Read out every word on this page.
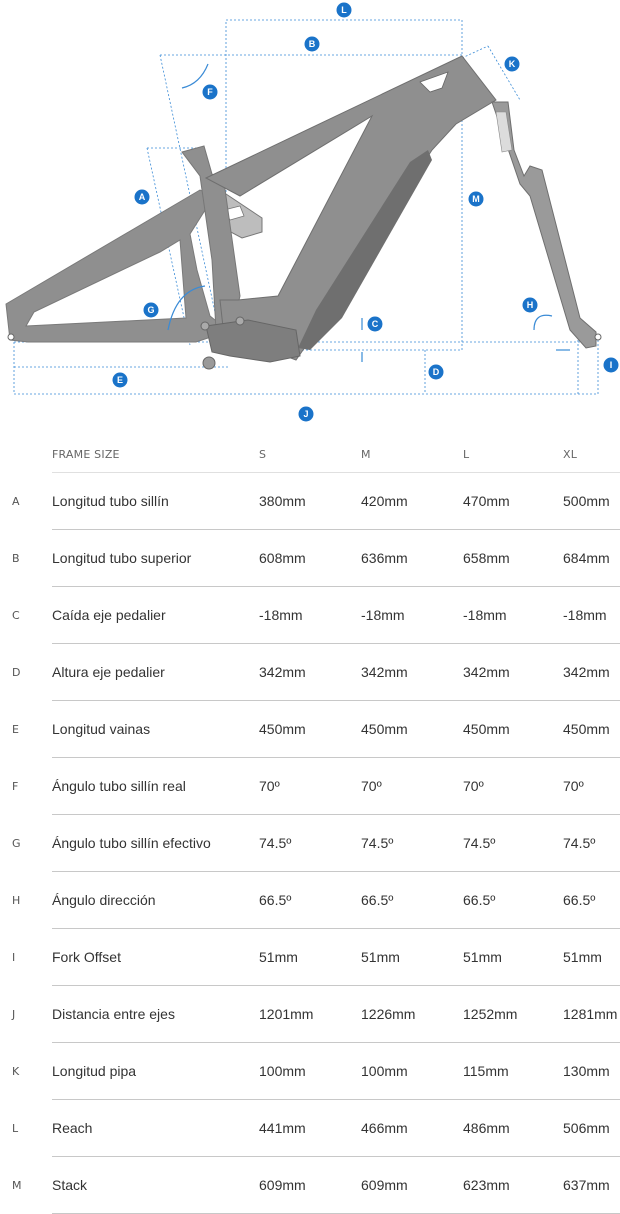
L
B
K
F
A	M
G	H
C
I
D
E
J
	FRAME SIZE	S	M	L	XL
A	Longitud tubo sillín	380mm	420mm	470mm	500mm
B	Longitud tubo superior	608mm	636mm	658mm	684mm
C	Caída eje pedalier	-18mm	-18mm	-18mm	-18mm
D	Altura eje pedalier	342mm	342mm	342mm	342mm
E	Longitud vainas	450mm	450mm	450mm	450mm
F	Ángulo tubo sillín real	70º	70º	70º	70º
G	Ángulo tubo sillín efectivo	74.5º	74.5º	74.5º	74.5º
H	Ángulo dirección	66.5º	66.5º	66.5º	66.5º
I	Fork Offset	51mm	51mm	51mm	51mm
J	Distancia entre ejes	1201mm	1226mm	1252mm	1281mm
K	Longitud pipa	100mm	100mm	115mm	130mm
L	Reach	441mm	466mm	486mm	506mm
M	Stack	609mm	609mm	623mm	637mm
